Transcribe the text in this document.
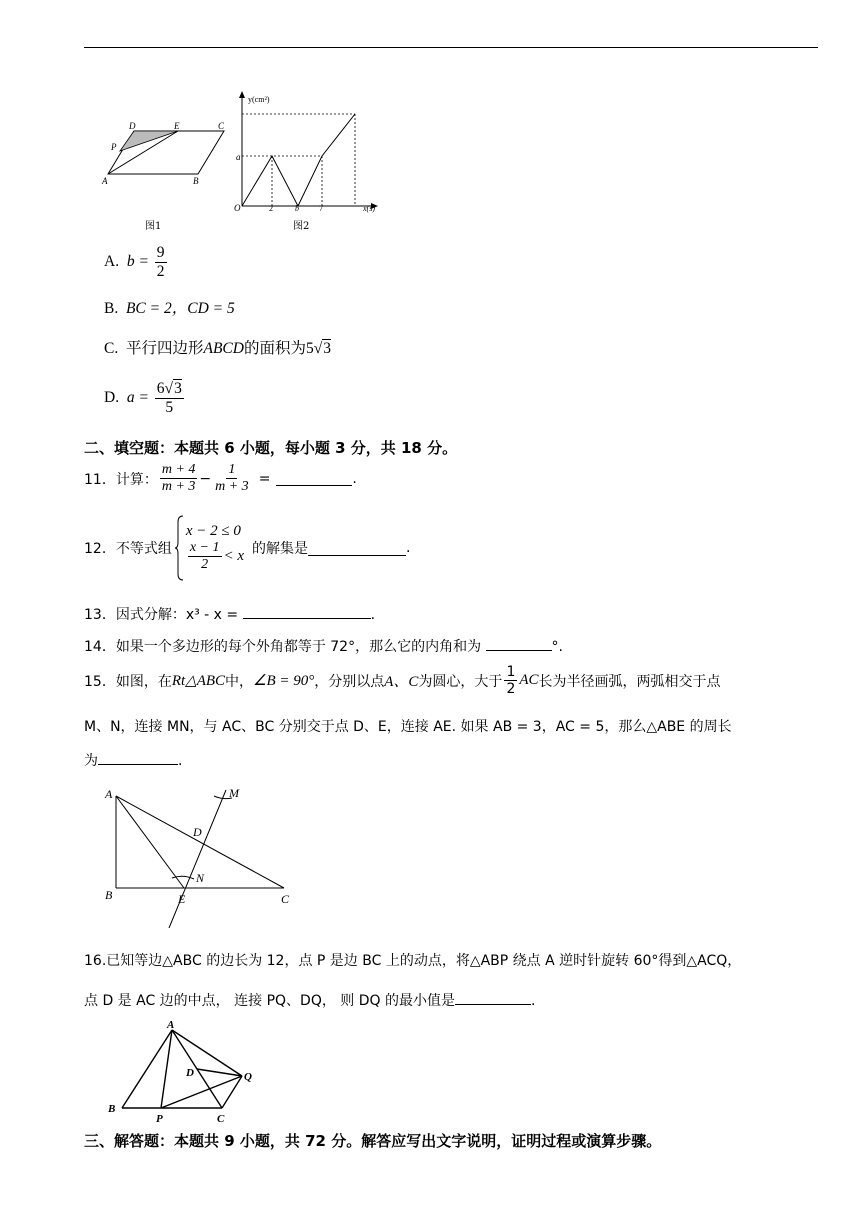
D	E	C
P
A	B
图1
y(cm²)
a
O	2	b	7	x(s)
图2
A. $b = \frac{9}{2}$
B. BC = 2，CD = 5
C. 平行四边形ABCD的面积为5√3
D. $a = \frac{6√3}{5}$
二、填空题：本题共 6 小题，每小题 3 分，共 18 分。
11．计算： $\frac{m + 4}{m + 3} - \frac{1}{m + 3}$ =	.
12．不等式组
x − 2 ≤ 0
$\frac{x - 1}{2} < x$ 的解集是	.
13．因式分解：x³ - x =	.
14．如果一个多边形的每个外角都等于 72°，那么它的内角和为	°.
15．如图，在 Rt△ABC 中， ∠B = 90° ，分别以点 A、C 为圆心，大于 $\frac{1}{2}$ AC 长为半径画弧，两弧相交于点
M、N，连接 MN，与 AC、BC 分别交于点 D、E，连接 AE. 如果 AB = 3，AC = 5，那么△ABE 的周长
为	.
A	M
D
N
B	E	C
16.已知等边△ABC 的边长为 12，点 P 是边 BC 上的动点，将△ABP 绕点 A 逆时针旋转 60°得到△ACQ，
点 D 是 AC 边的中点， 连接 PQ、DQ， 则 DQ 的最小值是	.
A
D	Q
B
P	C
三、解答题：本题共 9 小题，共 72 分。解答应写出文字说明，证明过程或演算步骤。
